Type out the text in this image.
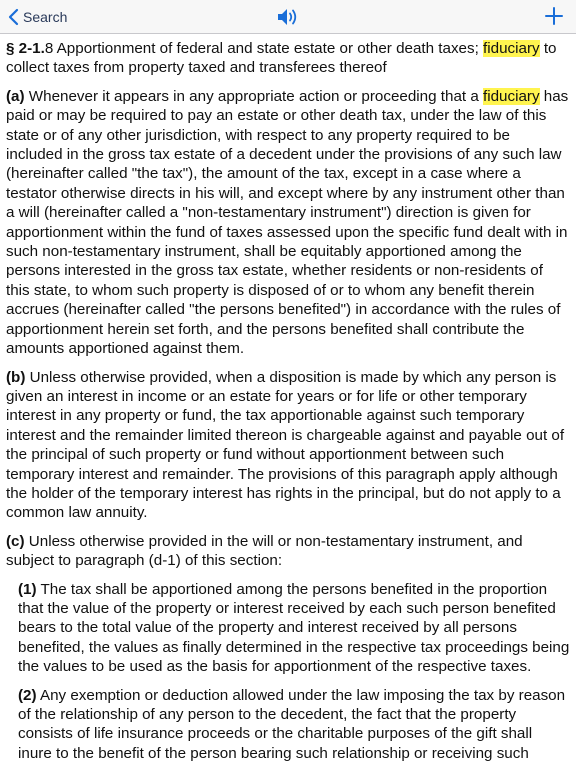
Search

§ 2-1.8 Apportionment of federal and state estate or other death taxes; fiduciary to collect taxes from property taxed and transferees thereof

(a) Whenever it appears in any appropriate action or proceeding that a fiduciary has paid or may be required to pay an estate or other death tax, under the law of this state or of any other jurisdiction, with respect to any property required to be included in the gross tax estate of a decedent under the provisions of any such law (hereinafter called "the tax"), the amount of the tax, except in a case where a testator otherwise directs in his will, and except where by any instrument other than a will (hereinafter called a "non-testamentary instrument") direction is given for apportionment within the fund of taxes assessed upon the specific fund dealt with in such non-testamentary instrument, shall be equitably apportioned among the persons interested in the gross tax estate, whether residents or non-residents of this state, to whom such property is disposed of or to whom any benefit therein accrues (hereinafter called "the persons benefited") in accordance with the rules of apportionment herein set forth, and the persons benefited shall contribute the amounts apportioned against them.

(b) Unless otherwise provided, when a disposition is made by which any person is given an interest in income or an estate for years or for life or other temporary interest in any property or fund, the tax apportionable against such temporary interest and the remainder limited thereon is chargeable against and payable out of the principal of such property or fund without apportionment between such temporary interest and remainder. The provisions of this paragraph apply although the holder of the temporary interest has rights in the principal, but do not apply to a common law annuity.

(c) Unless otherwise provided in the will or non-testamentary instrument, and subject to paragraph (d-1) of this section:

(1) The tax shall be apportioned among the persons benefited in the proportion that the value of the property or interest received by each such person benefited bears to the total value of the property and interest received by all persons benefited, the values as finally determined in the respective tax proceedings being the values to be used as the basis for apportionment of the respective taxes.

(2) Any exemption or deduction allowed under the law imposing the tax by reason of the relationship of any person to the decedent, the fact that the property consists of life insurance proceeds or the charitable purposes of the gift shall inure to the benefit of the person bearing such relationship or receiving such
